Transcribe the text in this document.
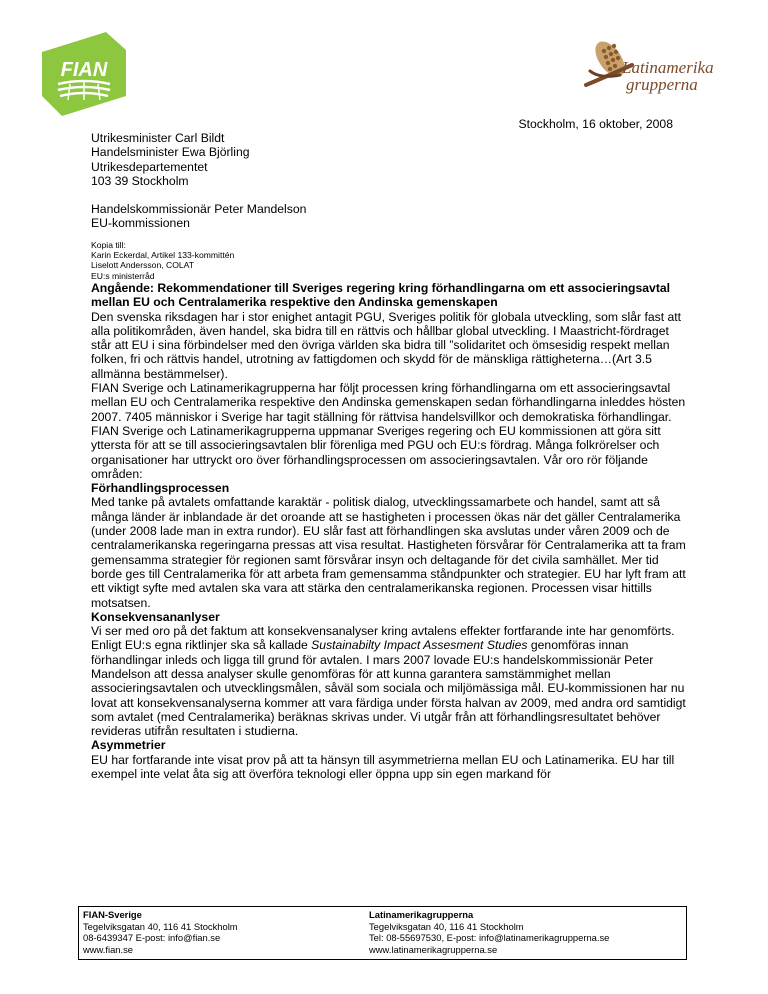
FIAN	Latinamerika
grupperna
Stockholm, 16 oktober, 2008

Utrikesminister Carl Bildt

Handelsminister Ewa Björling

Utrikesdepartementet

103 39 Stockholm

Handelskommissionär Peter Mandelson

EU-kommissionen

Kopia till:

Karin Eckerdal, Artikel 133-kommittén

Liselott Andersson, COLAT

EU:s ministerråd

Angående: Rekommendationer till Sveriges regering kring förhandlingarna om ett associeringsavtal mellan EU och Centralamerika respektive den Andinska gemenskapen

Den svenska riksdagen har i stor enighet antagit PGU, Sveriges politik för globala utveckling, som slår fast att alla politikområden, även handel, ska bidra till en rättvis och hållbar global utveckling. I Maastricht-fördraget står att EU i sina förbindelser med den övriga världen ska bidra till ”solidaritet och ömsesidig respekt mellan folken, fri och rättvis handel, utrotning av fattigdomen och skydd för de mänskliga rättigheterna…(Art 3.5 allmänna bestämmelser).

FIAN Sverige och Latinamerikagrupperna har följt processen kring förhandlingarna om ett associeringsavtal mellan EU och Centralamerika respektive den Andinska gemenskapen sedan förhandlingarna inleddes hösten 2007. 7405 människor i Sverige har tagit ställning för rättvisa handelsvillkor och demokratiska förhandlingar.

FIAN Sverige och Latinamerikagrupperna uppmanar Sveriges regering och EU kommissionen att göra sitt yttersta för att se till associeringsavtalen blir förenliga med PGU och EU:s fördrag. Många folkrörelser och organisationer har uttryckt oro över förhandlingsprocessen om associeringsavtalen. Vår oro rör följande områden:

Förhandlingsprocessen

Med tanke på avtalets omfattande karaktär - politisk dialog, utvecklingssamarbete och handel, samt att så många länder är inblandade är det oroande att se hastigheten i processen ökas när det gäller Centralamerika (under 2008 lade man in extra rundor). EU slår fast att förhandlingen ska avslutas under våren 2009 och de centralamerikanska regeringarna pressas att visa resultat. Hastigheten försvårar för Centralamerika att ta fram gemensamma strategier för regionen samt försvårar insyn och deltagande för det civila samhället. Mer tid borde ges till Centralamerika för att arbeta fram gemensamma ståndpunkter och strategier. EU har lyft fram att ett viktigt syfte med avtalen ska vara att stärka den centralamerikanska regionen. Processen visar hittills motsatsen.

Konsekvensananlyser

Vi ser med oro på det faktum att konsekvensanalyser kring avtalens effekter fortfarande inte har genomförts. Enligt EU:s egna riktlinjer ska så kallade Sustainabilty Impact Assesment Studies genomföras innan förhandlingar inleds och ligga till grund för avtalen. I mars 2007 lovade EU:s handelskommissionär Peter Mandelson att dessa analyser skulle genomföras för att kunna garantera samstämmighet mellan associeringsavtalen och utvecklingsmålen, såväl som sociala och miljömässiga mål. EU-kommissionen har nu lovat att konsekvensanalyserna kommer att vara färdiga under första halvan av 2009, med andra ord samtidigt som avtalet (med Centralamerika) beräknas skrivas under. Vi utgår från att förhandlingsresultatet behöver revideras utifrån resultaten i studierna.

Asymmetrier

EU har fortfarande inte visat prov på att ta hänsyn till asymmetrierna mellan EU och Latinamerika. EU har till exempel inte velat åta sig att överföra teknologi eller öppna upp sin egen markand för

FIAN-Sverige
Tegelviksgatan 40, 116 41 Stockholm
08-6439347 E-post: info@fian.se
www.fian.se
Latinamerikagrupperna
Tegelviksgatan 40, 116 41 Stockholm
Tel: 08-55697530, E-post: info@latinamerikagrupperna.se
www.latinamerikagrupperna.se
